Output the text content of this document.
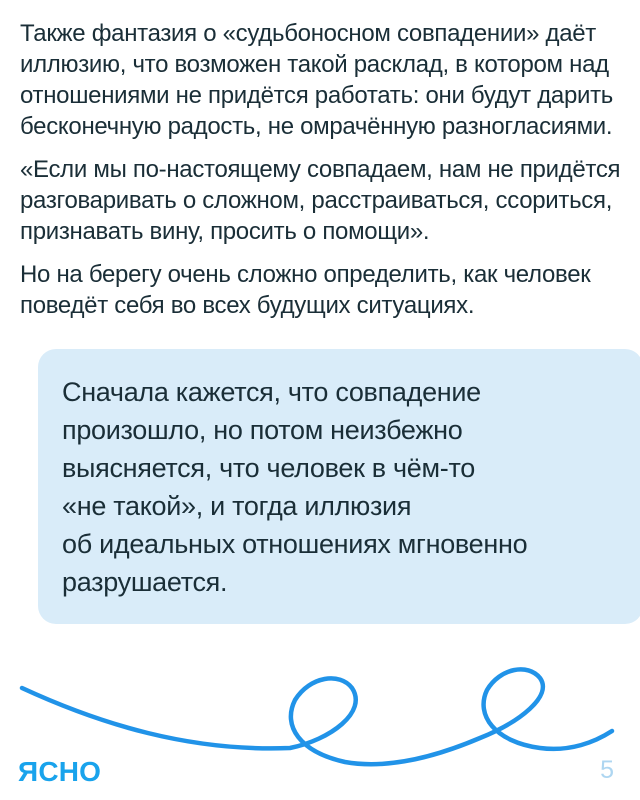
Также фантазия о «судьбоносном совпадении» даёт
иллюзию, что возможен такой расклад, в котором над
отношениями не придётся работать: они будут дарить
бесконечную радость, не омрачённую разногласиями.
«Если мы по-настоящему совпадаем, нам не придётся
разговаривать о сложном, расстраиваться, ссориться,
признавать вину, просить о помощи».
Но на берегу очень сложно определить, как человек
поведёт себя во всех будущих ситуациях.
Сначала кажется, что совпадение
произошло, но потом неизбежно
выясняется, что человек в чём-то
«не такой», и тогда иллюзия
об идеальных отношениях мгновенно
разрушается.
ЯСНО	5
